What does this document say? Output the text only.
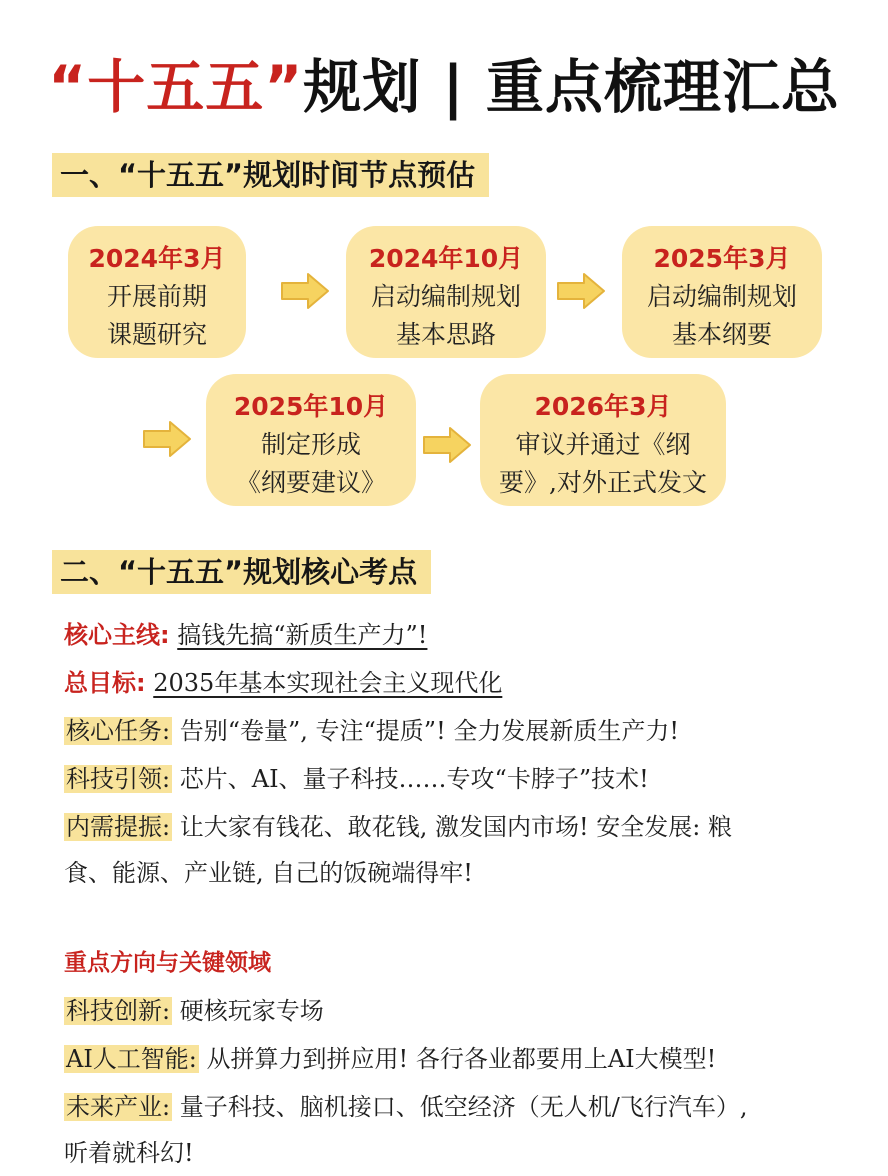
“十五五”规划 | 重点梳理汇总
一、“十五五”规划时间节点预估
2024年3月
开展前期
课题研究
2024年10月
启动编制规划
基本思路
2025年3月
启动编制规划
基本纲要
2025年10月
制定形成
《纲要建议》
2026年3月
审议并通过《纲
要》,对外正式发文
二、“十五五”规划核心考点
核心主线: 搞钱先搞“新质生产力”!
总目标: 2035年基本实现社会主义现代化
核心任务: 告别“卷量”, 专注“提质”! 全力发展新质生产力!
科技引领: 芯片、AI、量子科技……专攻“卡脖子”技术!
内需提振: 让大家有钱花、敢花钱, 激发国内市场! 安全发展: 粮
食、能源、产业链, 自己的饭碗端得牢!
重点方向与关键领域
科技创新: 硬核玩家专场
AI人工智能: 从拼算力到拼应用! 各行各业都要用上AI大模型!
未来产业: 量子科技、脑机接口、低空经济（无人机/飞行汽车）,
听着就科幻!
